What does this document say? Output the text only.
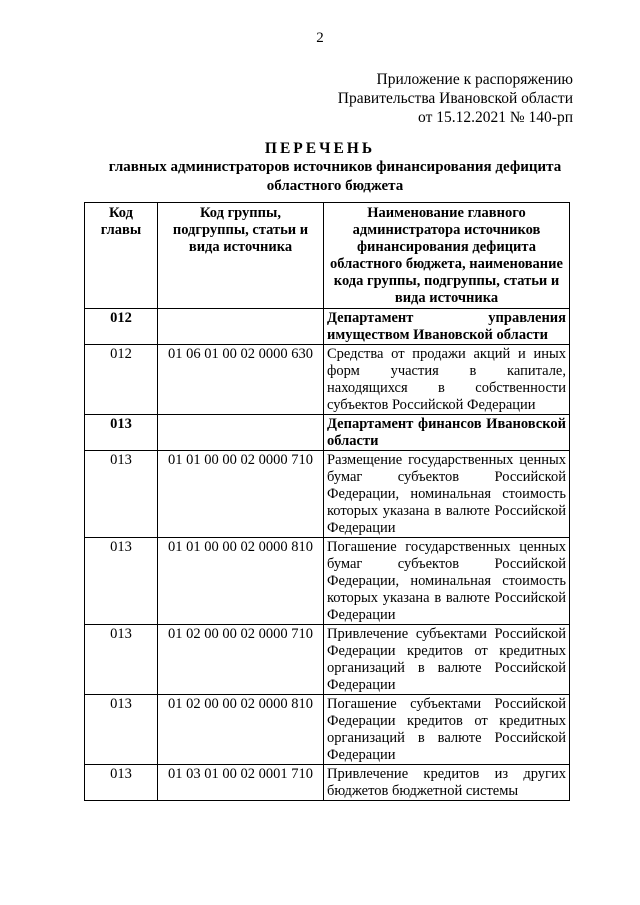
2
Приложение к распоряжению
Правительства Ивановской области
от 15.12.2021 № 140-рп
ПЕРЕЧЕНЬ
главных администраторов источников финансирования дефицита областного бюджета
Код главы	Код группы, подгруппы, статьи и вида источника	Наименование главного администратора источников финансирования дефицита областного бюджета, наименование кода группы, подгруппы, статьи и вида источника
012		Департамент управления имуществом Ивановской области
012	01 06 01 00 02 0000 630	Средства от продажи акций и иных форм участия в капитале, находящихся в собственности субъектов Российской Федерации
013		Департамент финансов Ивановской области
013	01 01 00 00 02 0000 710	Размещение государственных ценных бумаг субъектов Российской Федерации, номинальная стоимость которых указана в валюте Российской Федерации
013	01 01 00 00 02 0000 810	Погашение государственных ценных бумаг субъектов Российской Федерации, номинальная стоимость которых указана в валюте Российской Федерации
013	01 02 00 00 02 0000 710	Привлечение субъектами Российской Федерации кредитов от кредитных организаций в валюте Российской Федерации
013	01 02 00 00 02 0000 810	Погашение субъектами Российской Федерации кредитов от кредитных организаций в валюте Российской Федерации
013	01 03 01 00 02 0001 710	Привлечение кредитов из других бюджетов бюджетной системы
